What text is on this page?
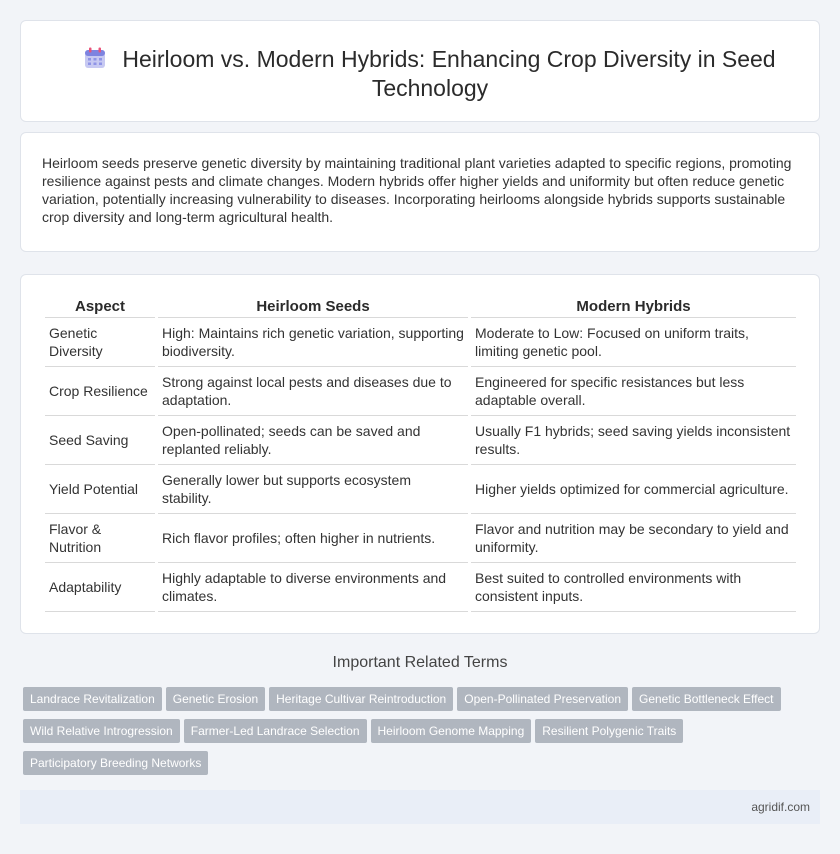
Heirloom vs. Modern Hybrids: Enhancing Crop Diversity in Seed Technology

Heirloom seeds preserve genetic diversity by maintaining traditional plant varieties adapted to specific regions, promoting resilience against pests and climate changes. Modern hybrids offer higher yields and uniformity but often reduce genetic variation, potentially increasing vulnerability to diseases. Incorporating heirlooms alongside hybrids supports sustainable crop diversity and long-term agricultural health.

Aspect	Heirloom Seeds	Modern Hybrids
Genetic Diversity	High: Maintains rich genetic variation, supporting biodiversity.	Moderate to Low: Focused on uniform traits, limiting genetic pool.
Crop Resilience	Strong against local pests and diseases due to adaptation.	Engineered for specific resistances but less adaptable overall.
Seed Saving	Open-pollinated; seeds can be saved and replanted reliably.	Usually F1 hybrids; seed saving yields inconsistent results.
Yield Potential	Generally lower but supports ecosystem stability.	Higher yields optimized for commercial agriculture.
Flavor & Nutrition	Rich flavor profiles; often higher in nutrients.	Flavor and nutrition may be secondary to yield and uniformity.
Adaptability	Highly adaptable to diverse environments and climates.	Best suited to controlled environments with consistent inputs.
Important Related Terms
Landrace Revitalization Genetic Erosion Heritage Cultivar Reintroduction Open-Pollinated Preservation Genetic Bottleneck EffectWild Relative Introgression Farmer-Led Landrace Selection Heirloom Genome Mapping Resilient Polygenic TraitsParticipatory Breeding Networks
agridif.com
